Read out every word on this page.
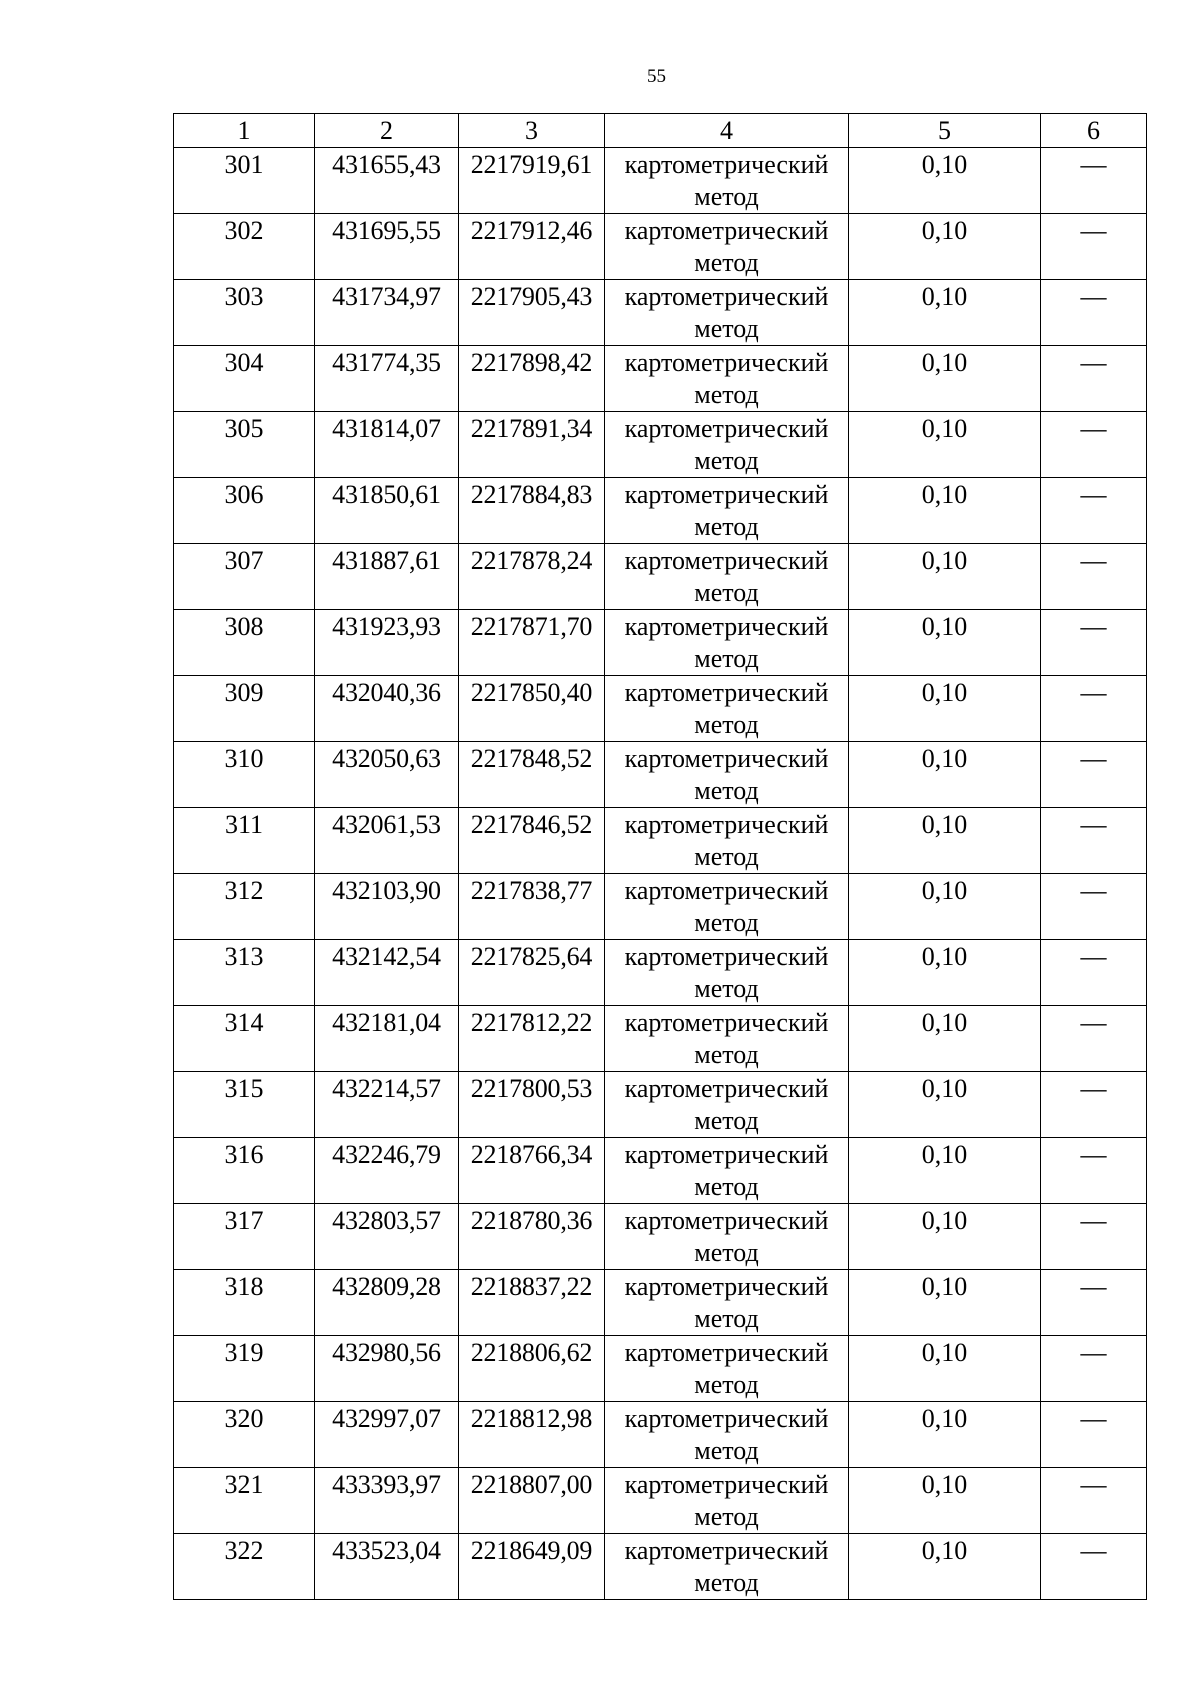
55
1	2	3	4	5	6
301	431655,43	2217919,61	картометрический метод	0,10	—
302	431695,55	2217912,46	картометрический метод	0,10	—
303	431734,97	2217905,43	картометрический метод	0,10	—
304	431774,35	2217898,42	картометрический метод	0,10	—
305	431814,07	2217891,34	картометрический метод	0,10	—
306	431850,61	2217884,83	картометрический метод	0,10	—
307	431887,61	2217878,24	картометрический метод	0,10	—
308	431923,93	2217871,70	картометрический метод	0,10	—
309	432040,36	2217850,40	картометрический метод	0,10	—
310	432050,63	2217848,52	картометрический метод	0,10	—
311	432061,53	2217846,52	картометрический метод	0,10	—
312	432103,90	2217838,77	картометрический метод	0,10	—
313	432142,54	2217825,64	картометрический метод	0,10	—
314	432181,04	2217812,22	картометрический метод	0,10	—
315	432214,57	2217800,53	картометрический метод	0,10	—
316	432246,79	2218766,34	картометрический метод	0,10	—
317	432803,57	2218780,36	картометрический метод	0,10	—
318	432809,28	2218837,22	картометрический метод	0,10	—
319	432980,56	2218806,62	картометрический метод	0,10	—
320	432997,07	2218812,98	картометрический метод	0,10	—
321	433393,97	2218807,00	картометрический метод	0,10	—
322	433523,04	2218649,09	картометрический метод	0,10	—
